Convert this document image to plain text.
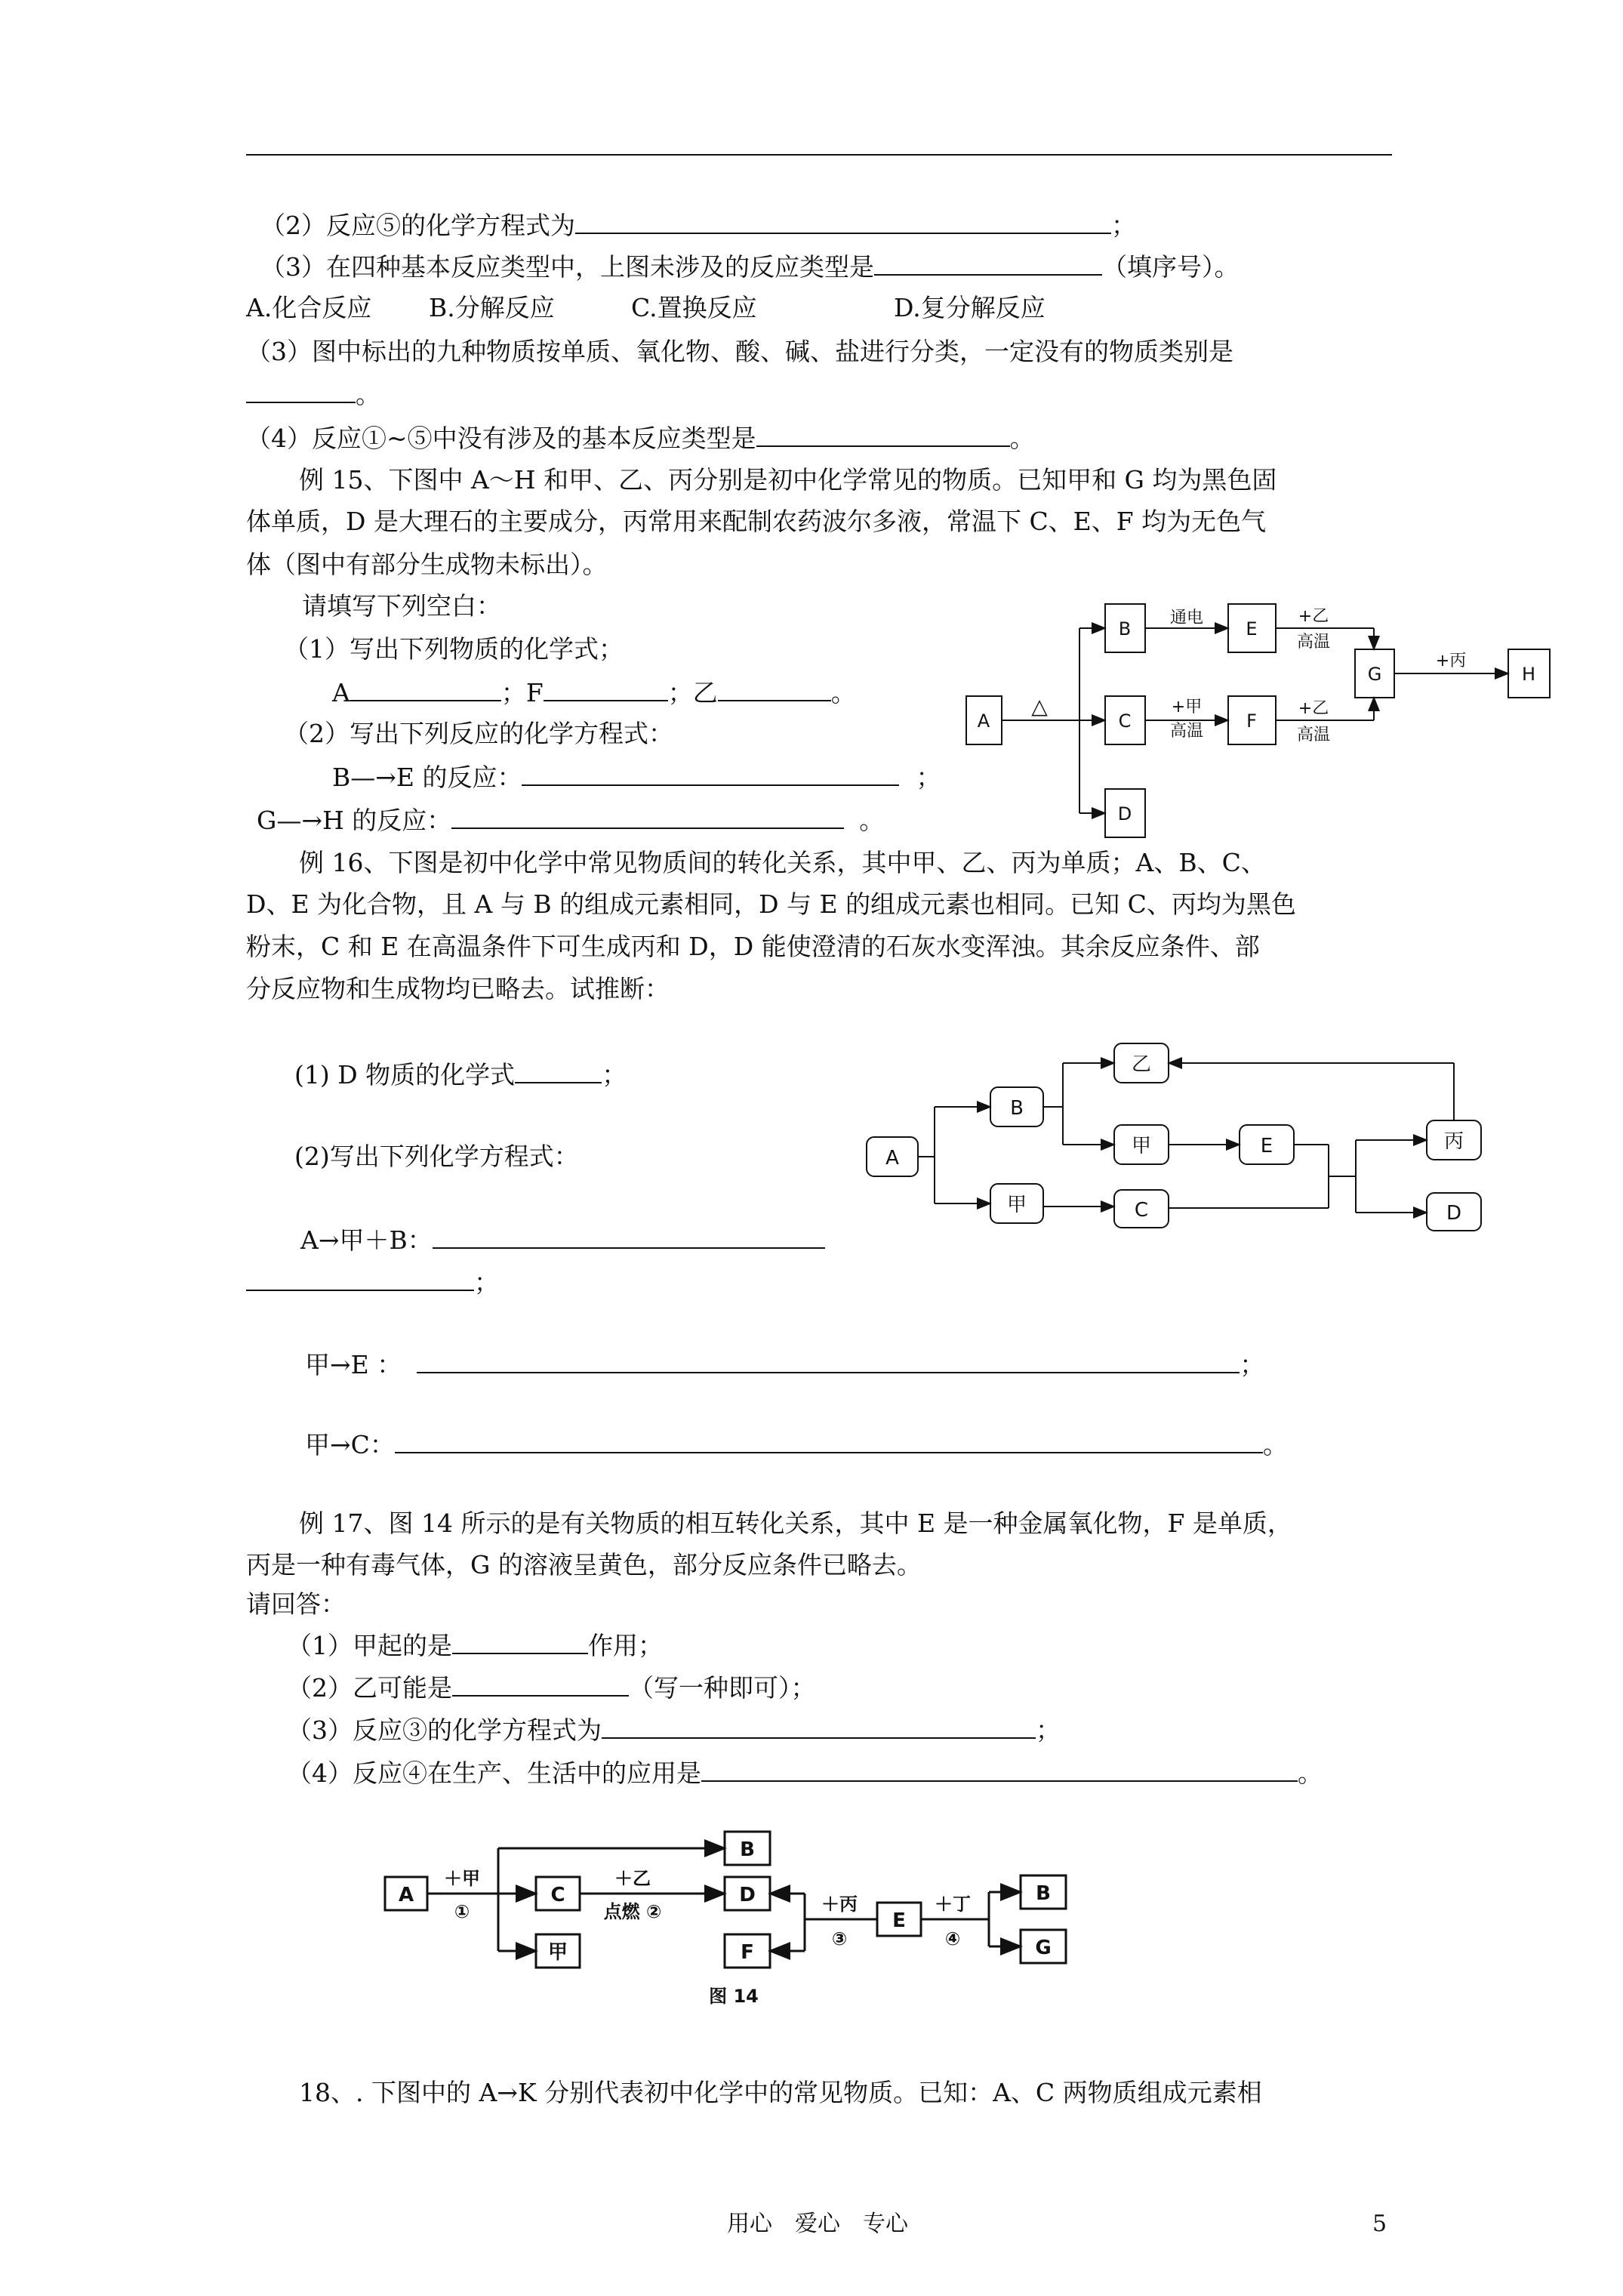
（2）反应⑤的化学方程式为	；
（3）在四种基本反应类型中，上图未涉及的反应类型是	（填序号）。
A.化合反应 B.分解反应	C.置换反应	D.复分解反应
（3）图中标出的九种物质按单质、氧化物、酸、碱、盐进行分类，一定没有的物质类别是
。
（4）反应①~⑤中没有涉及的基本反应类型是	。
例 15、下图中 A～H 和甲、乙、丙分别是初中化学常见的物质。已知甲和 G 均为黑色固
体单质，D 是大理石的主要成分，丙常用来配制农药波尔多液，常温下 C、E、F 均为无色气
体（图中有部分生成物未标出）。
请填写下列空白：
（1）写出下列物质的化学式；
A	；F	；乙	。
（2）写出下列反应的化学方程式：
B—→E 的反应：	；
G—→H 的反应：	。
A
B
C
D
E
F
G	H
△
通电
+甲
高温
+乙
高温
+乙
高温
+丙
例 16、下图是初中化学中常见物质间的转化关系，其中甲、乙、丙为单质；A、B、C、
D、E 为化合物，且 A 与 B 的组成元素相同，D 与 E 的组成元素也相同。已知 C、丙均为黑色
粉末，C 和 E 在高温条件下可生成丙和 D，D 能使澄清的石灰水变浑浊。其余反应条件、部
分反应物和生成物均已略去。试推断：
(1) D 物质的化学式	；
(2)写出下列化学方程式：
A→甲＋B：
；
甲→E ：	；
甲→C：	。
A
B
甲
乙
甲
C
E	丙
D
例 17、图 14 所示的是有关物质的相互转化关系，其中 E 是一种金属氧化物，F 是单质，
丙是一种有毒气体，G 的溶液呈黄色，部分反应条件已略去。
请回答：
（1）甲起的是	作用；
（2）乙可能是	（写一种即可）；
（3）反应③的化学方程式为	；
（4）反应④在生产、生活中的应用是	。
A	C
甲
B
D
F
E
B
G
＋甲
①
＋乙
点燃 ②	＋丙
③
＋丁
④
图 14
18、. 下图中的 A→K 分别代表初中化学中的常见物质。已知：A、C 两物质组成元素相
用心　爱心　专心	5
